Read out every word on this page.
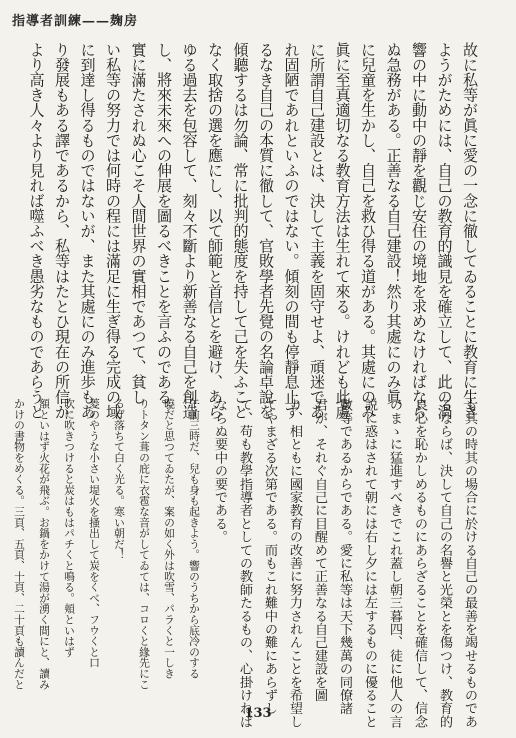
指導者訓練——麹房

故に私等が眞に愛の一念に徹してゐることに教育に生き

ようがためには、自己の教育的識見を確立して、此の渦

響の中に動中の靜を觀じ安住の境地を求めなければなら

ぬ急務がある。正善なる自己建設！然り其處にのみ眞

に兒童を生かし、自己を救ひ得る道がある。其處にのみ

眞に至真適切なる教育方法は生れて來る。けれども此處

に所謂自己建設とは、決して主義を固守せよ、頑迷であ

れ固陋であれといふのではない。傾刻の間も停靜息止す

るなき自己の本質に徹して、官敗學者先覺の名論卓說を

傾聽するは勿論、常に批判的態度を持して己を失ふこと

なく取捨の選を應にし、以て師範と首信とを避け、あら

ゆる過去を包容して、刻々不斷より新善なる自己を創造

し、將來未來への伸展を圖るべきことを言ふのである。

實に滿たされぬ心こそ人間世界の實相であつて、貧し

い私等の努力では何時の程には滿足に生ぎ得る完成の域

に到達し得るものではないが、また其處にのみ進歩もあ

り發展もある譯であるから、私等はたとひ現在の所信が

より高き人々より見れば噬ふべき愚劣なものであらうと

も其の時其の場合に於ける自己の最善を竭せるものであ

るならば、決して自己の名譽と光榮とを傷つけ、教育的

良心を恥かしめるものにあらざることを確信して、信念

のまゝに猛進すべきでこれ蓋し朝三暮四、徒に他人の言

説に惑はされて朝には右し夕には左するものに優ること

數等であるからである。愛に私等は天下幾萬の同僚諸

君が、それぐ自己に目醒めて正善なる自己建設を圖

り、相ともに國家教育の改善に努力されんことを希望し

てやまざる次第である。而もこれ難中の難にあらずし

て、苟も教學指導者としての教師たるもの、心掛けねば

ならぬ要中の要である。

午前三時だ、兒も身も起きよう。響のうちから底冷のする

曉だと思つてゐたが、案の如く外は吹雪、パラくと一しき

りトタン葺の庇に衣雹な音がしてゐては、コロくと緣先にこ

ろげ落ちて白く光る。寒い朝だ！

菱のやうな小さい堤火を掻出して炭をくべ、フウくと口

吹に吹きつけると炭はもはパチくと鳴る。頬といはず

額といはず火花が飛ぶ。お鍋をかけて湯が湧く間にと、讀み

かけの書物をめくる。三頁、五頁、十頁、二十頁も讀んだと

133
